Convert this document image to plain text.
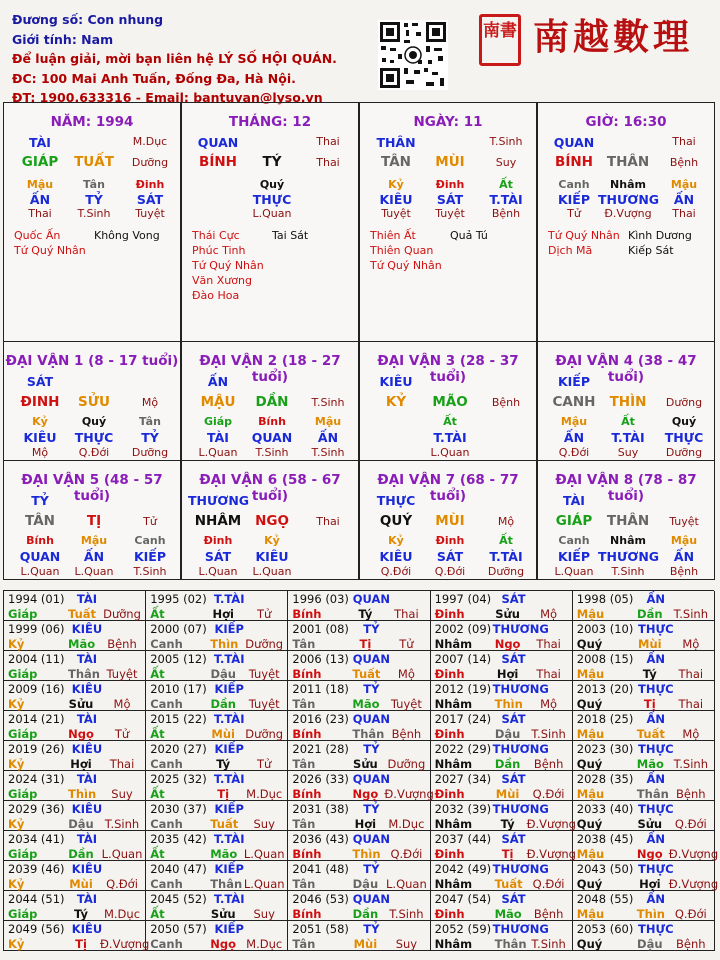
Đương số: Con nhung
Giới tính: Nam
Để luận giải, mời bạn liên hệ LÝ SỐ HỘI QUÁN.
ĐC: 100 Mai Anh Tuấn, Đống Đa, Hà Nội.
ĐT: 1900.633316 - Email: bantuvan@lyso.vn
南書 南越數理
NĂM: 1994
TÀI	M.Dục
GIÁP	TUẤT	Dưỡng
Mậu	Tân	Đinh
ẤN	TỶ	SÁT
Thai	T.Sinh	Tuyệt
Quốc Ấn	Không Vong
Tứ Quý Nhân
THÁNG: 12
QUAN	Thai
BÍNH	TÝ	Thai
Quý
THỰC
L.Quan
Thái Cực	Tai Sát
Phúc Tinh
Tứ Quý Nhân
Văn Xương
Đào Hoa
NGÀY: 11
THÂN	T.Sinh
TÂN	MÙI	Suy
Kỷ	Đinh	Ất
KIÊU	SÁT	T.TÀI
Tuyệt	Tuyệt	Bệnh
Thiên Ất	Quả Tú
Thiên Quan
Tứ Quý Nhân
GIỜ: 16:30
QUAN	Thai
BÍNH	THÂN	Bệnh
Canh	Nhâm	Mậu
KIẾP THƯƠNG	ẤN
Tử	Đ.Vượng	Thai
Tứ Quý Nhân Kình Dương
Dịch Mã	Kiếp Sát
ĐẠI VẬN 1 (8 - 17 tuổi)
SÁT
ĐINH	SỬU	Mộ
Kỷ	Quý	Tân
KIÊU	THỰC	TỶ
Mộ	Q.Đới	Dưỡng
ĐẠI VẬN 2 (18 - 27 tuổi)
ẤN
MẬU	DẦN	T.Sinh
Giáp	Bính	Mậu
TÀI	QUAN	ẤN
L.Quan	T.Sinh	T.Sinh
ĐẠI VẬN 3 (28 - 37 tuổi)
KIÊU
KỶ	MÃO	Bệnh
Ất
T.TÀI
L.Quan
ĐẠI VẬN 4 (38 - 47 tuổi)
KIẾP
CANH	THÌN	Dưỡng
Mậu	Ất	Quý
ẤN	T.TÀI	THỰC
Q.Đới	Suy	Dưỡng
ĐẠI VẬN 5 (48 - 57 tuổi)
TỶ
TÂN	TỊ	Tử
Bính	Mậu	Canh
QUAN	ẤN	KIẾP
L.Quan	L.Quan	T.Sinh
ĐẠI VẬN 6 (58 - 67 tuổi)
THƯƠNG
NHÂM	NGỌ	Thai
Đinh	Kỷ
SÁT	KIÊU
L.Quan	L.Quan
ĐẠI VẬN 7 (68 - 77 tuổi)
THỰC
QUÝ	MÙI	Mộ
Kỷ	Đinh	Ất
KIÊU	SÁT	T.TÀI
Q.Đới	Q.Đới	Dưỡng
ĐẠI VẬN 8 (78 - 87 tuổi)
TÀI
GIÁP	THÂN	Tuyệt
Canh	Nhâm	Mậu
KIẾP THƯƠNG	ẤN
L.Quan	T.Sinh	Bệnh
1994 (01)	TÀI
Giáp	Tuất Dưỡng
1995 (02) T.TÀI
Ất	Hợi	Tử
1996 (03) QUAN
Bính	Tý	Thai
1997 (04) SÁT
Đinh	Sửu	Mộ
1998 (05)	ẤN
Mậu	Dần T.Sinh
1999 (06) KIÊU
Kỷ	Mão	Bệnh
2000 (07) KIẾP
Canh Thìn Dưỡng
2001 (08)	TỶ
Tân	Tị	Tử
2002 (09) THƯƠNG
Nhâm Ngọ	Thai
2003 (10) THỰC
Quý	Mùi	Mộ
2004 (11)	TÀI
Giáp	Thân Tuyệt
2005 (12) T.TÀI
Ất	Dậu	Tuyệt
2006 (13) QUAN
Bính	Tuất	Mộ
2007 (14) SÁT
Đinh	Hợi	Thai
2008 (15)	ẤN
Mậu	Tý	Thai
2009 (16) KIÊU
Kỷ	Sửu	Mộ
2010 (17) KIẾP
Canh Dần	Tuyệt
2011 (18)	TỶ
Tân	Mão Tuyệt
2012 (19) THƯƠNG
Nhâm Thìn	Mộ
2013 (20) THỰC
Quý	Tị	Thai
2014 (21)	TÀI
Giáp	Ngọ	Tử
2015 (22) T.TÀI
Ất	Mùi Dưỡng
2016 (23) QUAN
Bính	Thân Bệnh
2017 (24) SÁT
Đinh	Dậu T.Sinh
2018 (25)	ẤN
Mậu	Tuất	Mộ
2019 (26) KIÊU
Kỷ	Hợi	Thai
2020 (27) KIẾP
Canh	Tý	Tử
2021 (28)	TỶ
Tân	Sửu Dưỡng
2022 (29) THƯƠNG
Nhâm Dần	Bệnh
2023 (30) THỰC
Quý	Mão T.Sinh
2024 (31)	TÀI
Giáp	Thìn	Suy
2025 (32) T.TÀI
Ất	Tị	M.Dục
2026 (33) QUAN
Bính	Ngọ Đ.Vượng
2027 (34) SÁT
Đinh	Mùi	Q.Đới
2028 (35)	ẤN
Mậu	Thân Bệnh
2029 (36) KIÊU
Kỷ	Dậu T.Sinh
2030 (37) KIẾP
Canh Tuất	Suy
2031 (38)	TỶ
Tân	Hợi	M.Dục
2032 (39) THƯƠNG
Nhâm	Tý	Đ.Vượng
2033 (40) THỰC
Quý	Sửu	Q.Đới
2034 (41)	TÀI
Giáp	Dần L.Quan
2035 (42) T.TÀI
Ất	Mão L.Quan
2036 (43) QUAN
Bính	Thìn Q.Đới
2037 (44) SÁT
Đinh	Tị	Đ.Vượng
2038 (45)	ẤN
Mậu	Ngọ Đ.Vượng
2039 (46) KIÊU
Kỷ	Mùi	Q.Đới
2040 (47) KIẾP
Canh Thân L.Quan
2041 (48)	TỶ
Tân	Dậu L.Quan
2042 (49) THƯƠNG
Nhâm Tuất Q.Đới
2043 (50) THỰC
Quý	Hợi Đ.Vượng
2044 (51)	TÀI
Giáp	Tý	M.Dục
2045 (52) T.TÀI
Ất	Sửu	Suy
2046 (53) QUAN
Bính	Dần T.Sinh
2047 (54) SÁT
Đinh	Mão	Bệnh
2048 (55)	ẤN
Mậu	Thìn Q.Đới
2049 (56) KIÊU
Kỷ	Tị	Đ.Vượng
2050 (57) KIẾP
Canh Ngọ M.Dục
2051 (58)	TỶ
Tân	Mùi	Suy
2052 (59) THƯƠNG
Nhâm Thân T.Sinh
2053 (60) THỰC
Quý	Dậu	Bệnh
